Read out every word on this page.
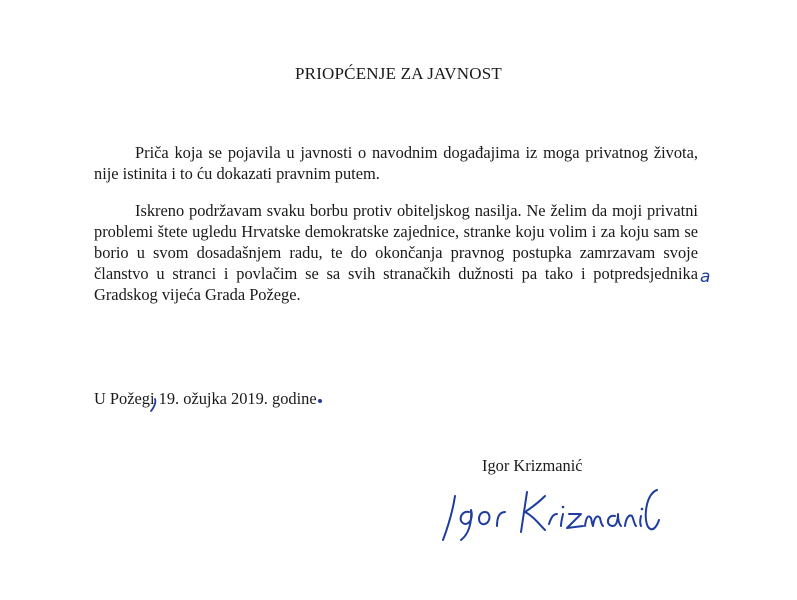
PRIOPĆENJE ZA JAVNOST

Priča koja se pojavila u javnosti o navodnim događajima iz moga privatnog života, nije istinita i to ću dokazati pravnim putem.

Iskreno podržavam svaku borbu protiv obiteljskog nasilja. Ne želim da moji privatni problemi štete ugledu Hrvatske demokratske zajednice, stranke koju volim i za koju sam se borio u svom dosadašnjem radu, te do okončanja pravnog postupka zamrzavam svoje članstvo u stranci i povlačim se sa svih stranačkih dužnosti pa tako i potpredsjednika Gradskog vijeća Grada Požege.

a
U Požegi 19. ožujka 2019. godine
Igor Krizmanić
